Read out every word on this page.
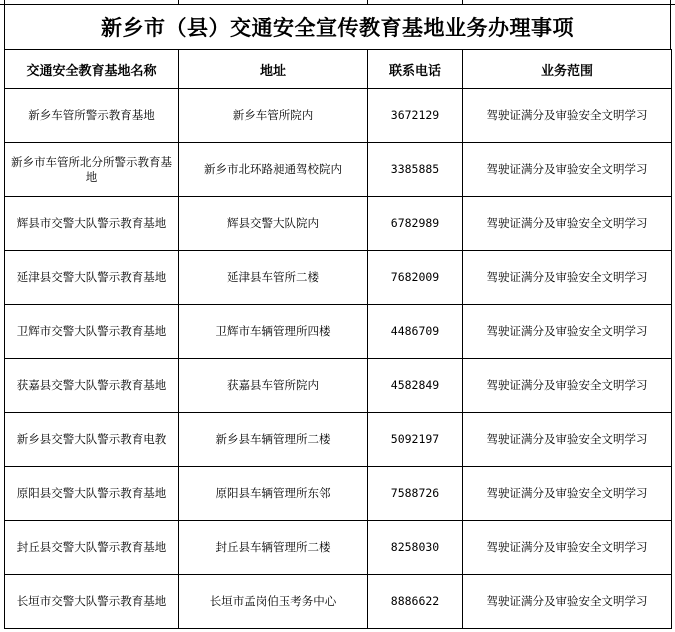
新乡市（县）交通安全宣传教育基地业务办理事项
交通安全教育基地名称	地址	联系电话	业务范围
新乡车管所警示教育基地	新乡车管所院内	3672129	驾驶证满分及审验安全文明学习
新乡市车管所北分所警示教育基地	新乡市北环路昶通驾校院内	3385885	驾驶证满分及审验安全文明学习
辉县市交警大队警示教育基地	辉县交警大队院内	6782989	驾驶证满分及审验安全文明学习
延津县交警大队警示教育基地	延津县车管所二楼	7682009	驾驶证满分及审验安全文明学习
卫辉市交警大队警示教育基地	卫辉市车辆管理所四楼	4486709	驾驶证满分及审验安全文明学习
获嘉县交警大队警示教育基地	获嘉县车管所院内	4582849	驾驶证满分及审验安全文明学习
新乡县交警大队警示教育电教	新乡县车辆管理所二楼	5092197	驾驶证满分及审验安全文明学习
原阳县交警大队警示教育基地	原阳县车辆管理所东邻	7588726	驾驶证满分及审验安全文明学习
封丘县交警大队警示教育基地	封丘县车辆管理所二楼	8258030	驾驶证满分及审验安全文明学习
长垣市交警大队警示教育基地	长垣市孟岗伯玉考务中心	8886622	驾驶证满分及审验安全文明学习
